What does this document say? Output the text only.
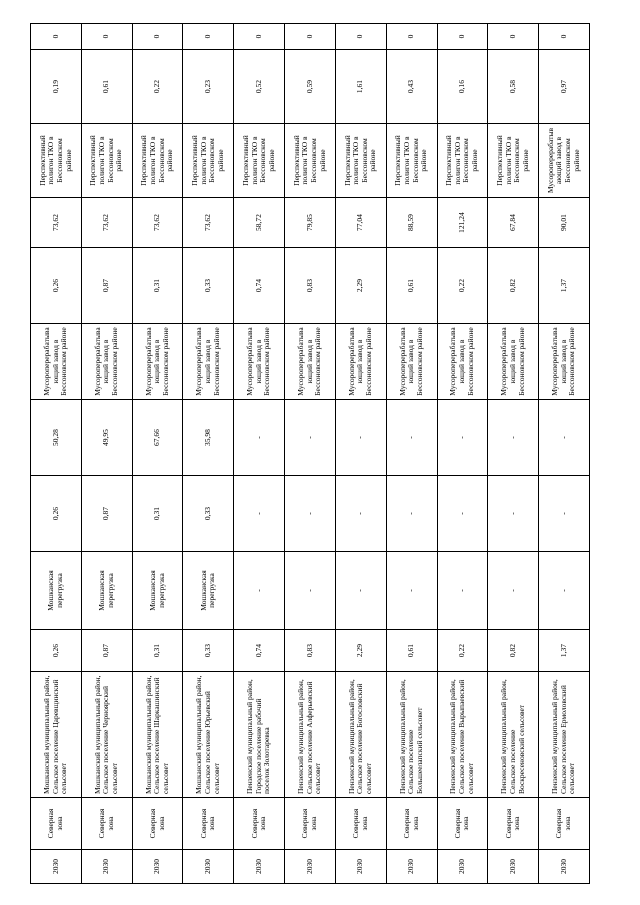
2030	Северная зона	Мошканский муниципальный район, Сельское поселение Царевщинский сельсовет	0,26	Мошканская перегрузка	0,26	50,28	Мусороперерабатывающий завод в Бессоновском районе	0,26	73,62	Перспективный полигон ТКО в Бессоновском районе	0,19	0
2030	Северная зона	Мошканский муниципальный район, Сельское поселение Черноярский сельсовет	0,87	Мошканская перегрузка	0,87	49,95	Мусороперерабатывающий завод в Бессоновском районе	0,87	73,62	Перспективный полигон ТКО в Бессоновском районе	0,61	0
2030	Северная зона	Мошканский муниципальный район, Сельское поселение Шаркашинский сельсовет	0,31	Мошканская перегрузка	0,31	67,66	Мусороперерабатывающий завод в Бессоновском районе	0,31	73,62	Перспективный полигон ТКО в Бессоновском районе	0,22	0
2030	Северная зона	Мошканский муниципальный район, Сельское поселение Юрьевский сельсовет	0,33	Мошканская перегрузка	0,33	35,98	Мусороперерабатывающий завод в Бессоновском районе	0,33	73,62	Перспективный полигон ТКО в Бессоновском районе	0,23	0
2030	Северная зона	Пензенский муниципальный район, Городское поселение рабочий поселок Золотаревка	0,74	-	-	-	Мусороперерабатывающий завод в Бессоновском районе	0,74	58,72	Перспективный полигон ТКО в Бессоновском районе	0,52	0
2030	Северная зона	Пензенский муниципальный район, Сельское поселение Алферьевский сельсовет	0,83	-	-	-	Мусороперерабатывающий завод в Бессоновском районе	0,83	79,85	Перспективный полигон ТКО в Бессоновском районе	0,59	0
2030	Северная зона	Пензенский муниципальный район, Сельское поселение Богословский сельсовет	2,29	-	-	-	Мусороперерабатывающий завод в Бессоновском районе	2,29	77,04	Перспективный полигон ТКО в Бессоновском районе	1,61	0
2030	Северная зона	Пензенский муниципальный район, Сельское поселение Большеелапский сельсовет	0,61	-	-	-	Мусороперерабатывающий завод в Бессоновском районе	0,61	88,59	Перспективный полигон ТКО в Бессоновском районе	0,43	0
2030	Северная зона	Пензенский муниципальный район, Сельское поселение Вырыпаевский сельсовет	0,22	-	-	-	Мусороперерабатывающий завод в Бессоновском районе	0,22	121,24	Перспективный полигон ТКО в Бессоновском районе	0,16	0
2030	Северная зона	Пензенский муниципальный район, Сельское поселение Воскресеновский сельсовет	0,82	-	-	-	Мусороперерабатывающий завод в Бессоновском районе	0,82	67,84	Перспективный полигон ТКО в Бессоновском районе	0,58	0
2030	Северная зона	Пензенский муниципальный район, Сельское поселение Ермоловский сельсовет	1,37	-	-	-	Мусороперерабатывающий завод в Бессоновском районе	1,37	90,01	Мусороперерабатывающий завод в Бессоновском районе	0,97	0
